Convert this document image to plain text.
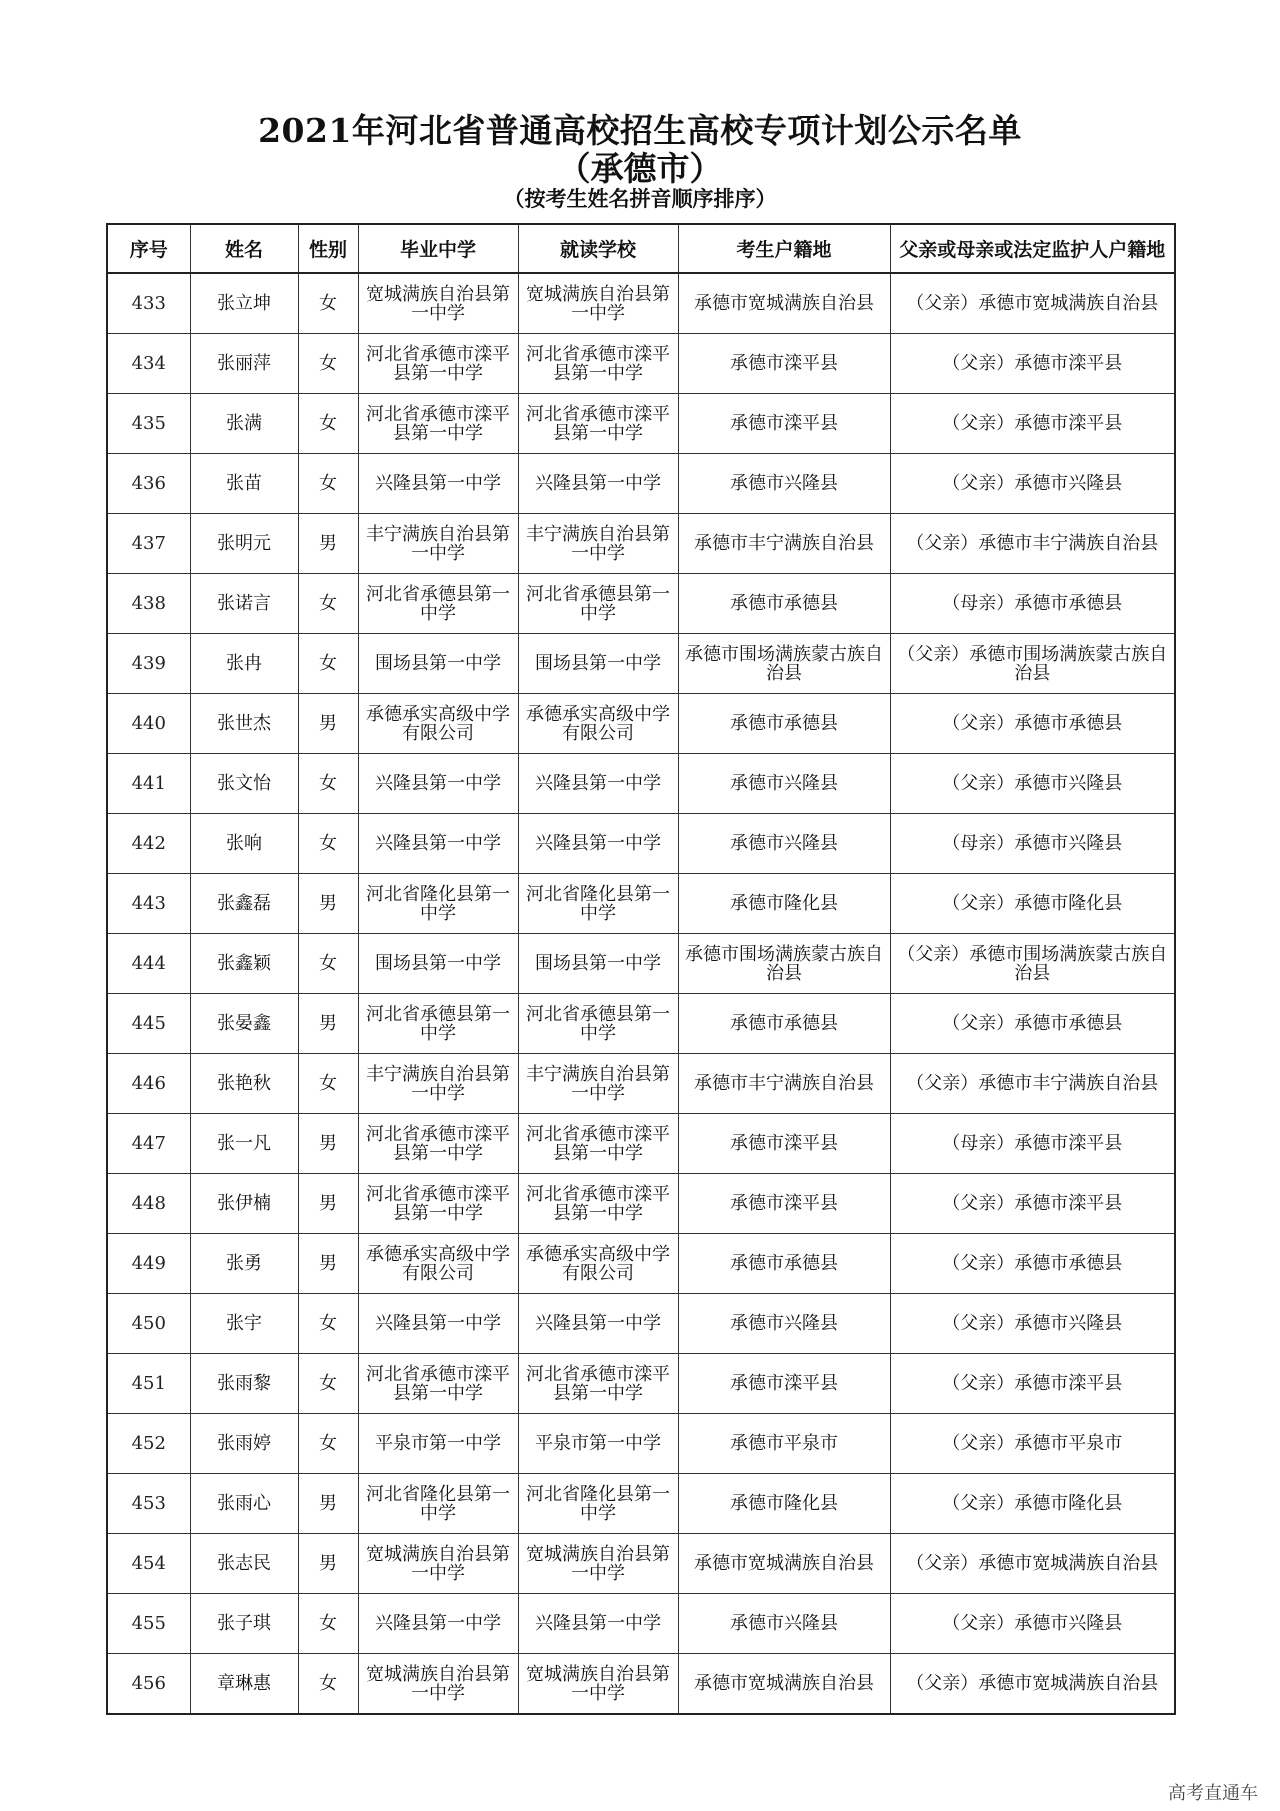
2021年河北省普通高校招生高校专项计划公示名单
（承德市）
（按考生姓名拼音顺序排序）
序号	姓名	性别	毕业中学	就读学校	考生户籍地	父亲或母亲或法定监护人户籍地
433	张立坤	女	宽城满族自治县第一中学	宽城满族自治县第一中学	承德市宽城满族自治县	（父亲）承德市宽城满族自治县
434	张丽萍	女	河北省承德市滦平县第一中学	河北省承德市滦平县第一中学	承德市滦平县	（父亲）承德市滦平县
435	张满	女	河北省承德市滦平县第一中学	河北省承德市滦平县第一中学	承德市滦平县	（父亲）承德市滦平县
436	张苗	女	兴隆县第一中学	兴隆县第一中学	承德市兴隆县	（父亲）承德市兴隆县
437	张明元	男	丰宁满族自治县第一中学	丰宁满族自治县第一中学	承德市丰宁满族自治县	（父亲）承德市丰宁满族自治县
438	张诺言	女	河北省承德县第一中学	河北省承德县第一中学	承德市承德县	（母亲）承德市承德县
439	张冉	女	围场县第一中学	围场县第一中学	承德市围场满族蒙古族自治县	（父亲）承德市围场满族蒙古族自治县
440	张世杰	男	承德承实高级中学有限公司	承德承实高级中学有限公司	承德市承德县	（父亲）承德市承德县
441	张文怡	女	兴隆县第一中学	兴隆县第一中学	承德市兴隆县	（父亲）承德市兴隆县
442	张响	女	兴隆县第一中学	兴隆县第一中学	承德市兴隆县	（母亲）承德市兴隆县
443	张鑫磊	男	河北省隆化县第一中学	河北省隆化县第一中学	承德市隆化县	（父亲）承德市隆化县
444	张鑫颖	女	围场县第一中学	围场县第一中学	承德市围场满族蒙古族自治县	（父亲）承德市围场满族蒙古族自治县
445	张晏鑫	男	河北省承德县第一中学	河北省承德县第一中学	承德市承德县	（父亲）承德市承德县
446	张艳秋	女	丰宁满族自治县第一中学	丰宁满族自治县第一中学	承德市丰宁满族自治县	（父亲）承德市丰宁满族自治县
447	张一凡	男	河北省承德市滦平县第一中学	河北省承德市滦平县第一中学	承德市滦平县	（母亲）承德市滦平县
448	张伊楠	男	河北省承德市滦平县第一中学	河北省承德市滦平县第一中学	承德市滦平县	（父亲）承德市滦平县
449	张勇	男	承德承实高级中学有限公司	承德承实高级中学有限公司	承德市承德县	（父亲）承德市承德县
450	张宇	女	兴隆县第一中学	兴隆县第一中学	承德市兴隆县	（父亲）承德市兴隆县
451	张雨黎	女	河北省承德市滦平县第一中学	河北省承德市滦平县第一中学	承德市滦平县	（父亲）承德市滦平县
452	张雨婷	女	平泉市第一中学	平泉市第一中学	承德市平泉市	（父亲）承德市平泉市
453	张雨心	男	河北省隆化县第一中学	河北省隆化县第一中学	承德市隆化县	（父亲）承德市隆化县
454	张志民	男	宽城满族自治县第一中学	宽城满族自治县第一中学	承德市宽城满族自治县	（父亲）承德市宽城满族自治县
455	张子琪	女	兴隆县第一中学	兴隆县第一中学	承德市兴隆县	（父亲）承德市兴隆县
456	章琳惠	女	宽城满族自治县第一中学	宽城满族自治县第一中学	承德市宽城满族自治县	（父亲）承德市宽城满族自治县
高考直通车
